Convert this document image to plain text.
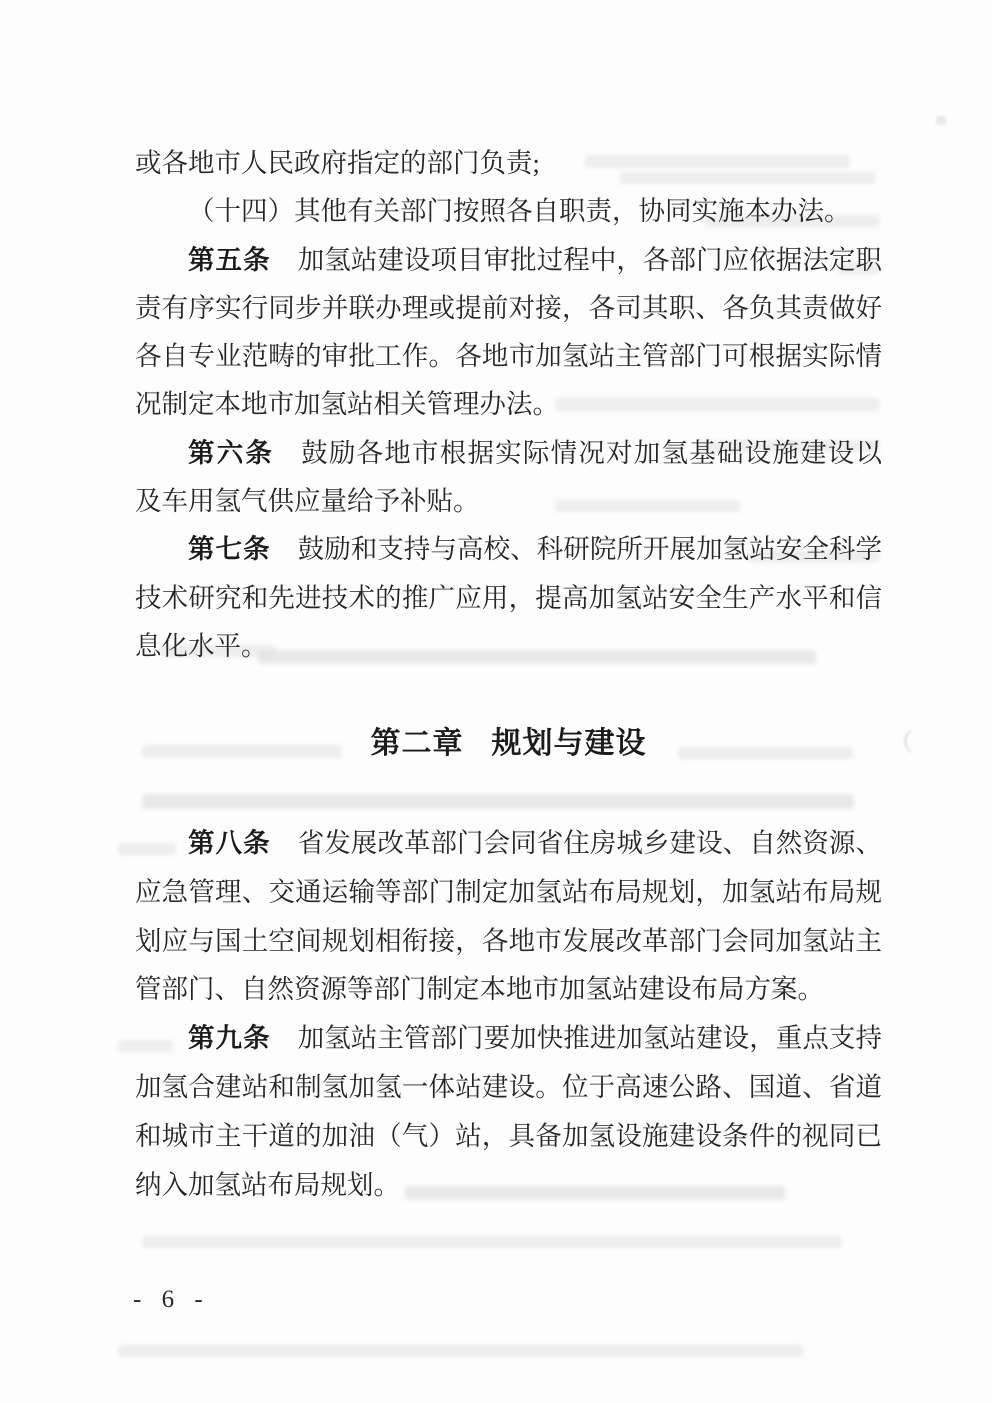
（
或各地市人民政府指定的部门负责;
（十四）其他有关部门按照各自职责，协同实施本办法。
第五条 加氢站建设项目审批过程中，各部门应依据法定职
责有序实行同步并联办理或提前对接，各司其职、各负其责做好
各自专业范畴的审批工作。各地市加氢站主管部门可根据实际情
况制定本地市加氢站相关管理办法。
第六条 鼓励各地市根据实际情况对加氢基础设施建设以
及车用氢气供应量给予补贴。
第七条 鼓励和支持与高校、科研院所开展加氢站安全科学
技术研究和先进技术的推广应用，提高加氢站安全生产水平和信
息化水平。
第二章 规划与建设
第八条 省发展改革部门会同省住房城乡建设、自然资源、
应急管理、交通运输等部门制定加氢站布局规划，加氢站布局规
划应与国土空间规划相衔接，各地市发展改革部门会同加氢站主
管部门、自然资源等部门制定本地市加氢站建设布局方案。
第九条 加氢站主管部门要加快推进加氢站建设，重点支持
加氢合建站和制氢加氢一体站建设。位于高速公路、国道、省道
和城市主干道的加油（气）站，具备加氢设施建设条件的视同已
纳入加氢站布局规划。
- 6 -
